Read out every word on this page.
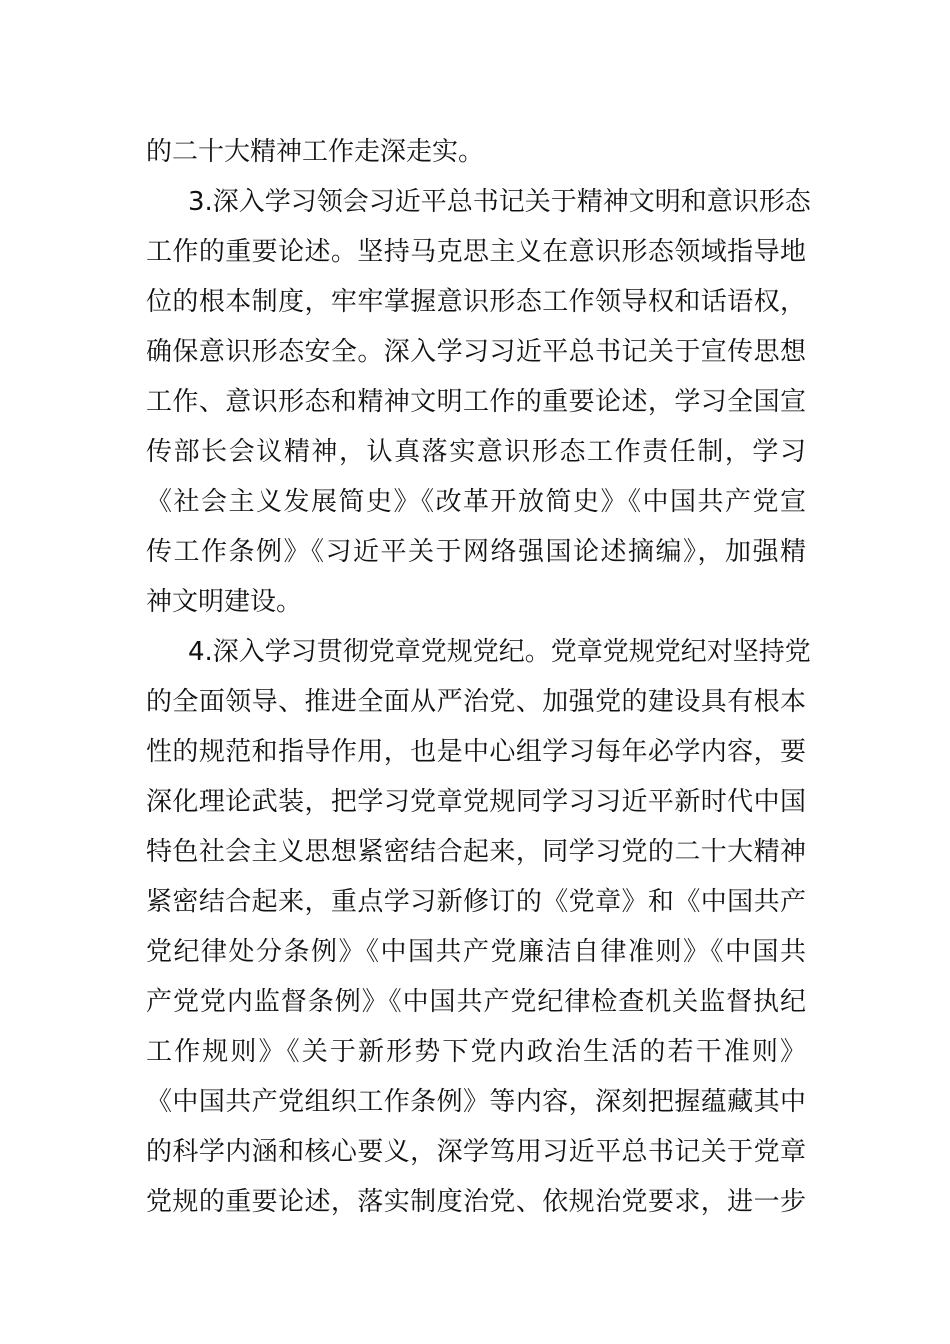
的二十大精神工作走深走实。
3.深入学习领会习近平总书记关于精神文明和意识形态
工作的重要论述。坚持马克思主义在意识形态领域指导地
位的根本制度，牢牢掌握意识形态工作领导权和话语权，
确保意识形态安全。深入学习习近平总书记关于宣传思想
工作、意识形态和精神文明工作的重要论述，学习全国宣
传部长会议精神，认真落实意识形态工作责任制，学习
《社会主义发展简史》《改革开放简史》《中国共产党宣
传工作条例》《习近平关于网络强国论述摘编》，加强精
神文明建设。
4.深入学习贯彻党章党规党纪。党章党规党纪对坚持党
的全面领导、推进全面从严治党、加强党的建设具有根本
性的规范和指导作用，也是中心组学习每年必学内容，要
深化理论武装，把学习党章党规同学习习近平新时代中国
特色社会主义思想紧密结合起来，同学习党的二十大精神
紧密结合起来，重点学习新修订的《党章》和《中国共产
党纪律处分条例》《中国共产党廉洁自律准则》《中国共
产党党内监督条例》《中国共产党纪律检查机关监督执纪
工作规则》《关于新形势下党内政治生活的若干准则》
《中国共产党组织工作条例》等内容，深刻把握蕴藏其中
的科学内涵和核心要义，深学笃用习近平总书记关于党章
党规的重要论述，落实制度治党、依规治党要求，进一步
